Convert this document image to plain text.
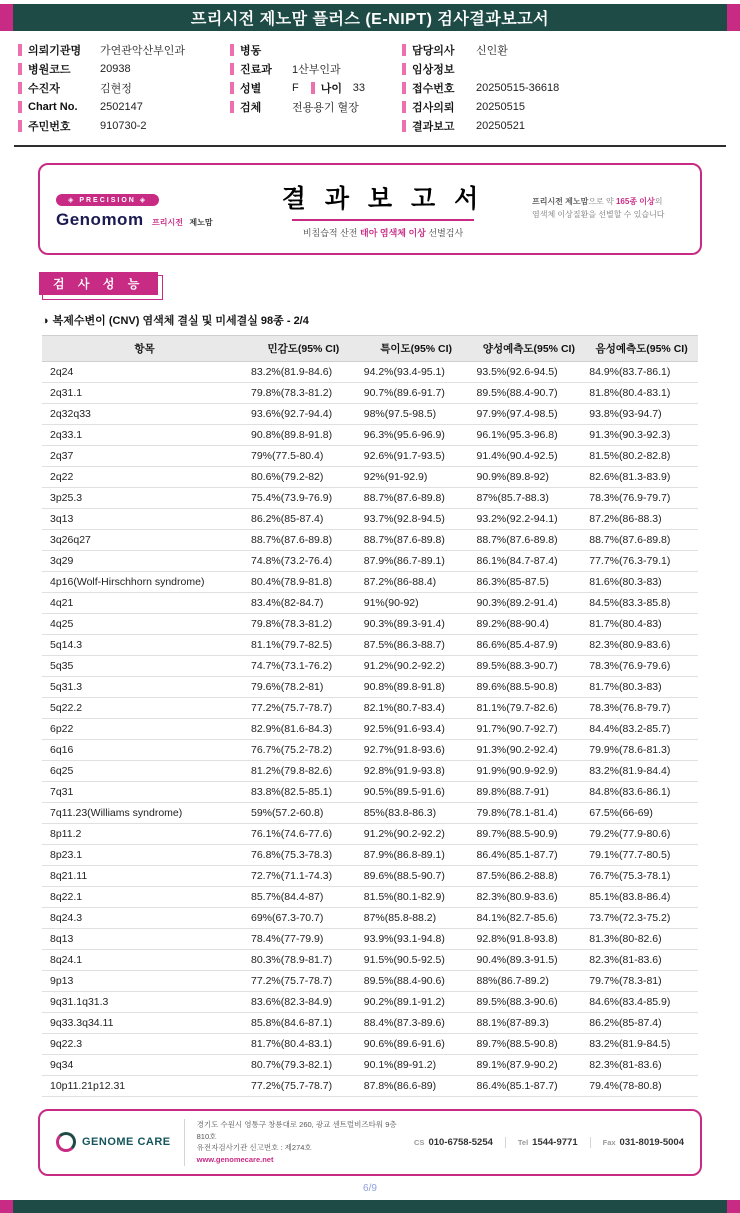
프리시전 제노맘 플러스 (E-NIPT) 검사결과보고서
의뢰기관명	가연관악산부인과
병원코드	20938
수진자	김현정
Chart No.	2502147
주민번호	910730-2
병동
진료과	1산부인과
성별	F 나이 33
검체	전용용기 혈장
담당의사	신인환
임상정보
접수번호	20250515-36618
검사의뢰	20250515
결과보고	20250521
◈ PRECISION ◈
Genomom 프리시전 제노맘
결 과 보 고 서
비침습적 산전 태아 염색체 이상 선별검사
프리시전 제노맘으로 약 165종 이상의
염색체 이상질환을 선별할 수 있습니다
검 사 성 능
◑ 복제수변이 (CNV) 염색체 결실 및 미세결실 98종 - 2/4
항목	민감도(95% CI)	특이도(95% CI)	양성예측도(95% CI)	음성예측도(95% CI)
2q24	83.2%(81.9-84.6)	94.2%(93.4-95.1)	93.5%(92.6-94.5)	84.9%(83.7-86.1)
2q31.1	79.8%(78.3-81.2)	90.7%(89.6-91.7)	89.5%(88.4-90.7)	81.8%(80.4-83.1)
2q32q33	93.6%(92.7-94.4)	98%(97.5-98.5)	97.9%(97.4-98.5)	93.8%(93-94.7)
2q33.1	90.8%(89.8-91.8)	96.3%(95.6-96.9)	96.1%(95.3-96.8)	91.3%(90.3-92.3)
2q37	79%(77.5-80.4)	92.6%(91.7-93.5)	91.4%(90.4-92.5)	81.5%(80.2-82.8)
2q22	80.6%(79.2-82)	92%(91-92.9)	90.9%(89.8-92)	82.6%(81.3-83.9)
3p25.3	75.4%(73.9-76.9)	88.7%(87.6-89.8)	87%(85.7-88.3)	78.3%(76.9-79.7)
3q13	86.2%(85-87.4)	93.7%(92.8-94.5)	93.2%(92.2-94.1)	87.2%(86-88.3)
3q26q27	88.7%(87.6-89.8)	88.7%(87.6-89.8)	88.7%(87.6-89.8)	88.7%(87.6-89.8)
3q29	74.8%(73.2-76.4)	87.9%(86.7-89.1)	86.1%(84.7-87.4)	77.7%(76.3-79.1)
4p16(Wolf-Hirschhorn syndrome)	80.4%(78.9-81.8)	87.2%(86-88.4)	86.3%(85-87.5)	81.6%(80.3-83)
4q21	83.4%(82-84.7)	91%(90-92)	90.3%(89.2-91.4)	84.5%(83.3-85.8)
4q25	79.8%(78.3-81.2)	90.3%(89.3-91.4)	89.2%(88-90.4)	81.7%(80.4-83)
5q14.3	81.1%(79.7-82.5)	87.5%(86.3-88.7)	86.6%(85.4-87.9)	82.3%(80.9-83.6)
5q35	74.7%(73.1-76.2)	91.2%(90.2-92.2)	89.5%(88.3-90.7)	78.3%(76.9-79.6)
5q31.3	79.6%(78.2-81)	90.8%(89.8-91.8)	89.6%(88.5-90.8)	81.7%(80.3-83)
5q22.2	77.2%(75.7-78.7)	82.1%(80.7-83.4)	81.1%(79.7-82.6)	78.3%(76.8-79.7)
6p22	82.9%(81.6-84.3)	92.5%(91.6-93.4)	91.7%(90.7-92.7)	84.4%(83.2-85.7)
6q16	76.7%(75.2-78.2)	92.7%(91.8-93.6)	91.3%(90.2-92.4)	79.9%(78.6-81.3)
6q25	81.2%(79.8-82.6)	92.8%(91.9-93.8)	91.9%(90.9-92.9)	83.2%(81.9-84.4)
7q31	83.8%(82.5-85.1)	90.5%(89.5-91.6)	89.8%(88.7-91)	84.8%(83.6-86.1)
7q11.23(Williams syndrome)	59%(57.2-60.8)	85%(83.8-86.3)	79.8%(78.1-81.4)	67.5%(66-69)
8p11.2	76.1%(74.6-77.6)	91.2%(90.2-92.2)	89.7%(88.5-90.9)	79.2%(77.9-80.6)
8p23.1	76.8%(75.3-78.3)	87.9%(86.8-89.1)	86.4%(85.1-87.7)	79.1%(77.7-80.5)
8q21.11	72.7%(71.1-74.3)	89.6%(88.5-90.7)	87.5%(86.2-88.8)	76.7%(75.3-78.1)
8q22.1	85.7%(84.4-87)	81.5%(80.1-82.9)	82.3%(80.9-83.6)	85.1%(83.8-86.4)
8q24.3	69%(67.3-70.7)	87%(85.8-88.2)	84.1%(82.7-85.6)	73.7%(72.3-75.2)
8q13	78.4%(77-79.9)	93.9%(93.1-94.8)	92.8%(91.8-93.8)	81.3%(80-82.6)
8q24.1	80.3%(78.9-81.7)	91.5%(90.5-92.5)	90.4%(89.3-91.5)	82.3%(81-83.6)
9p13	77.2%(75.7-78.7)	89.5%(88.4-90.6)	88%(86.7-89.2)	79.7%(78.3-81)
9q31.1q31.3	83.6%(82.3-84.9)	90.2%(89.1-91.2)	89.5%(88.3-90.6)	84.6%(83.4-85.9)
9q33.3q34.11	85.8%(84.6-87.1)	88.4%(87.3-89.6)	88.1%(87-89.3)	86.2%(85-87.4)
9q22.3	81.7%(80.4-83.1)	90.6%(89.6-91.6)	89.7%(88.5-90.8)	83.2%(81.9-84.5)
9q34	80.7%(79.3-82.1)	90.1%(89-91.2)	89.1%(87.9-90.2)	82.3%(81-83.6)
10p11.21p12.31	77.2%(75.7-78.7)	87.8%(86.6-89)	86.4%(85.1-87.7)	79.4%(78-80.8)
GENOME CARE
경기도 수원시 영통구 창룡대로 260, 광교 센트럴비즈타워 9층 810호
유전자검사기관 신고번호 : 제274호
www.genomecare.net
CS 010-6758-5254	Tel 1544-9771	Fax 031-8019-5004
6/9
